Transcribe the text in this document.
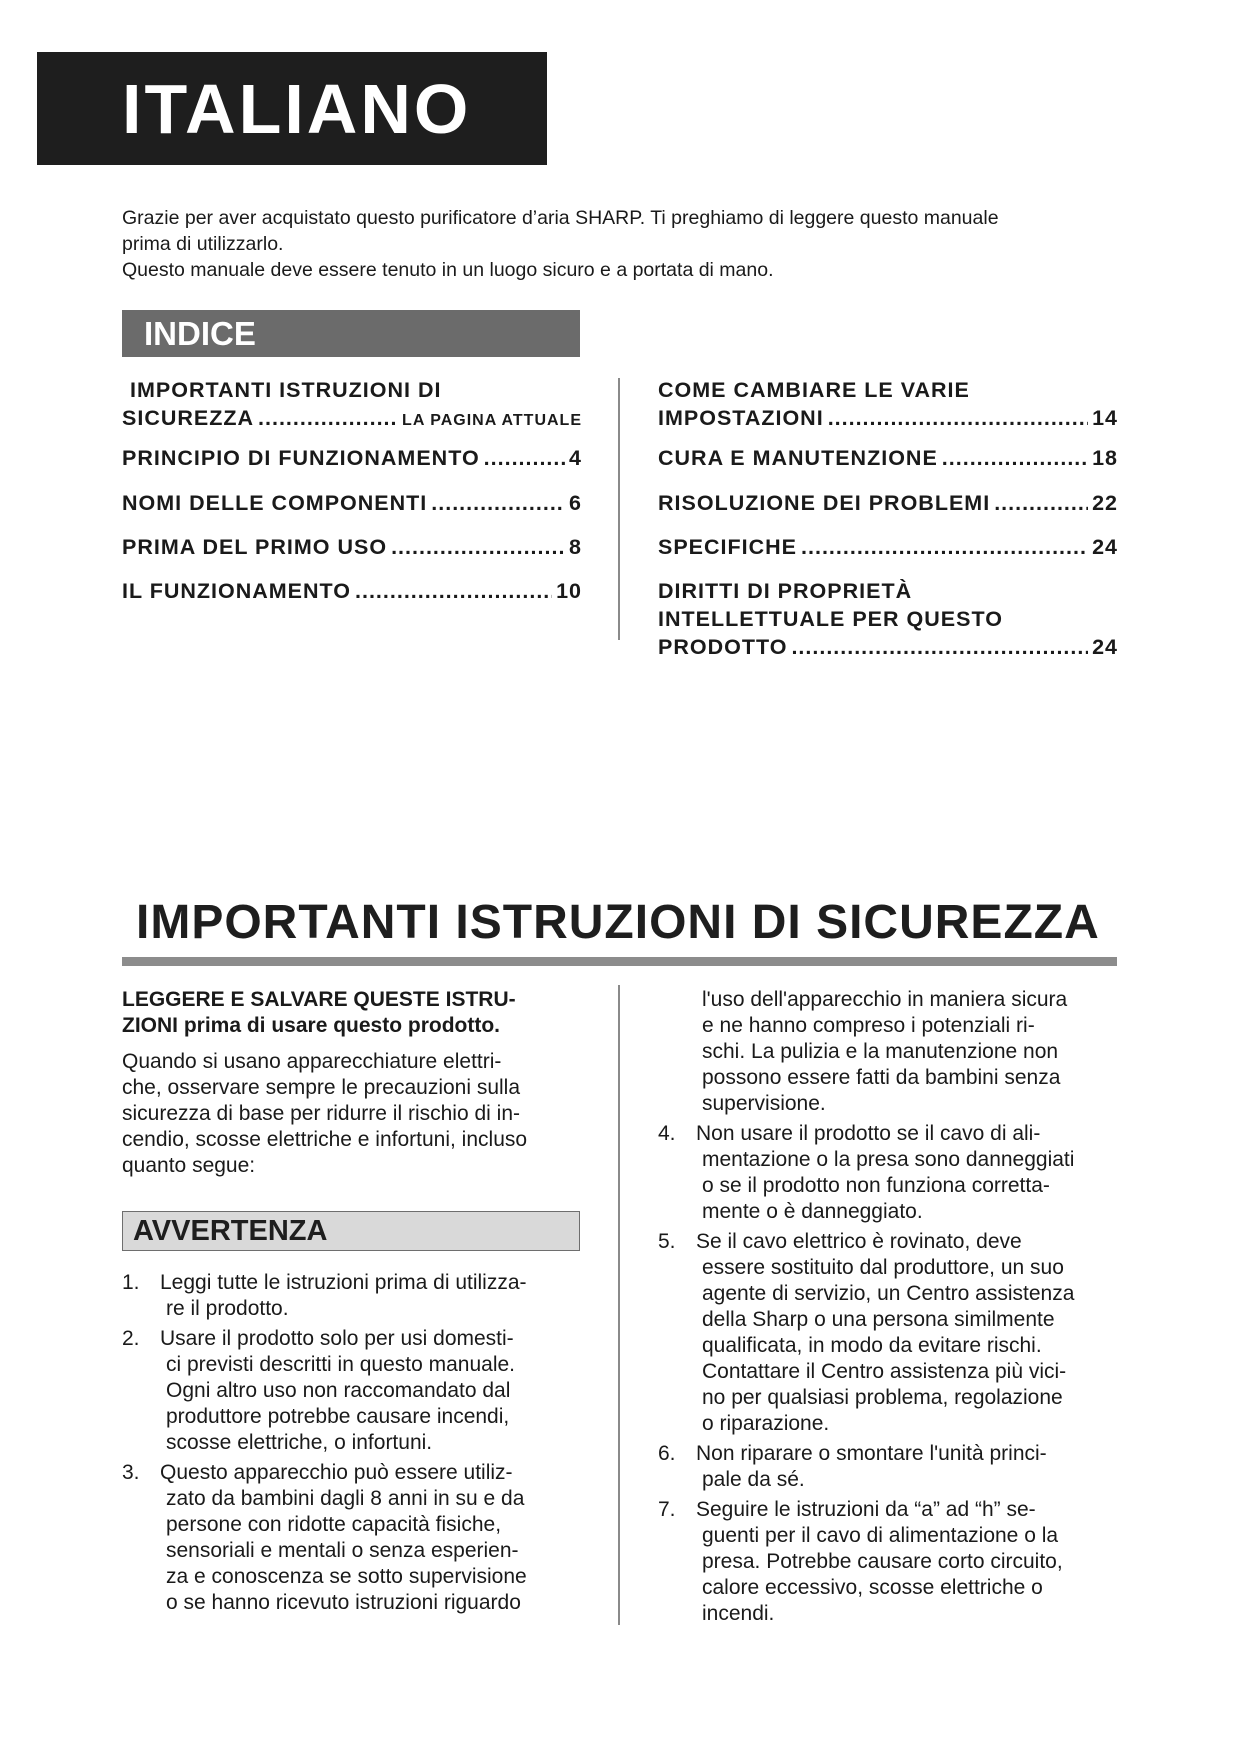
ITALIANO

Grazie per aver acquistato questo purificatore d’aria SHARP. Ti preghiamo di leggere questo manuale

prima di utilizzarlo.

Questo manuale deve essere tenuto in un luogo sicuro e a portata di mano.

INDICE
IMPORTANTI ISTRUZIONI DI
SICUREZZA .....	LA PAGINA ATTUALE
PRINCIPIO DI FUNZIONAMENTO .....	4
NOMI DELLE COMPONENTI .....	6
PRIMA DEL PRIMO USO .....	8
IL FUNZIONAMENTO .....	10
COME CAMBIARE LE VARIE
IMPOSTAZIONI .....	14
CURA E MANUTENZIONE .....	18
RISOLUZIONE DEI PROBLEMI .....	22
SPECIFICHE .....	24
DIRITTI DI PROPRIETÀ
INTELLETTUALE PER QUESTO
PRODOTTO .....	24
IMPORTANTI ISTRUZIONI DI SICUREZZA
LEGGERE E SALVARE QUESTE ISTRU-
ZIONI prima di usare questo prodotto.
Quando si usano apparecchiature elettri-
che, osservare sempre le precauzioni sulla
sicurezza di base per ridurre il rischio di in-
cendio, scosse elettriche e infortuni, incluso
quanto segue:
AVVERTENZA
1. Leggi tutte le istruzioni prima di utilizza-
re il prodotto.
2. Usare il prodotto solo per usi domesti-
ci previsti descritti in questo manuale.
Ogni altro uso non raccomandato dal
produttore potrebbe causare incendi,
scosse elettriche, o infortuni.
3. Questo apparecchio può essere utiliz-
zato da bambini dagli 8 anni in su e da
persone con ridotte capacità fisiche,
sensoriali e mentali o senza esperien-
za e conoscenza se sotto supervisione
o se hanno ricevuto istruzioni riguardo
l'uso dell'apparecchio in maniera sicura
e ne hanno compreso i potenziali ri-
schi. La pulizia e la manutenzione non
possono essere fatti da bambini senza
supervisione.
4. Non usare il prodotto se il cavo di ali-
mentazione o la presa sono danneggiati
o se il prodotto non funziona corretta-
mente o è danneggiato.
5. Se il cavo elettrico è rovinato, deve
essere sostituito dal produttore, un suo
agente di servizio, un Centro assistenza
della Sharp o una persona similmente
qualificata, in modo da evitare rischi.
Contattare il Centro assistenza più vici-
no per qualsiasi problema, regolazione
o riparazione.
6. Non riparare o smontare l'unità princi-
pale da sé.
7. Seguire le istruzioni da “a” ad “h” se-
guenti per il cavo di alimentazione o la
presa. Potrebbe causare corto circuito,
calore eccessivo, scosse elettriche o
incendi.
